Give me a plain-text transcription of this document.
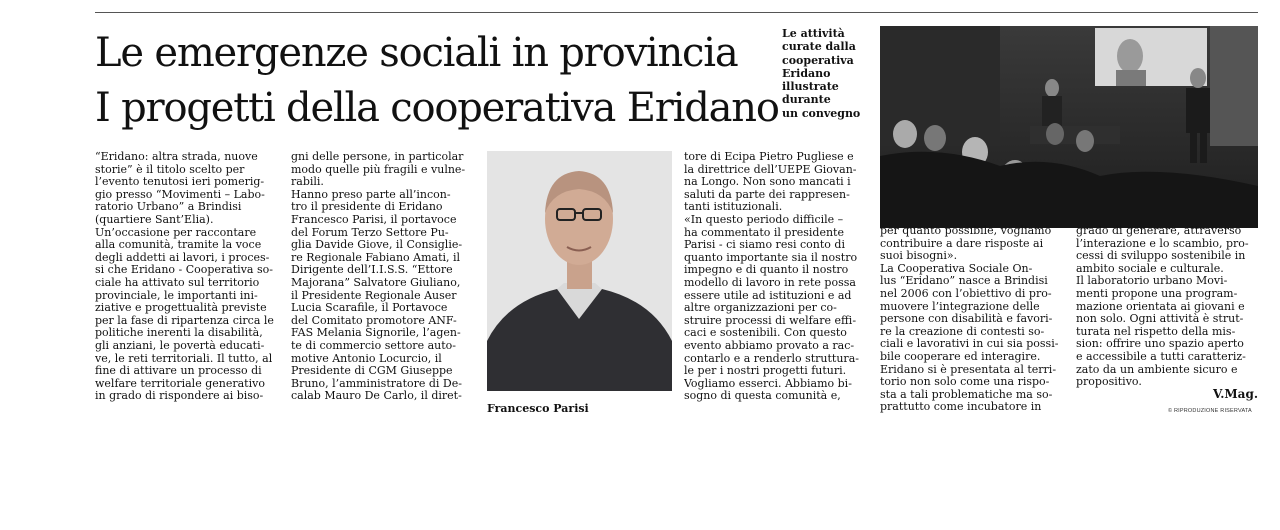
Le emergenze sociali in provincia
I progetti della cooperativa Eridano
Le attività
curate dalla
cooperativa
Eridano
illustrate
durante
un convegno
“Eridano: altra strada, nuove
storie” è il titolo scelto per
l’evento tenutosi ieri pomerig-
gio presso “Movimenti – Labo-
ratorio Urbano” a Brindisi
(quartiere Sant’Elia).
Un’occasione per raccontare
alla comunità, tramite la voce
degli addetti ai lavori, i proces-
si che Eridano - Cooperativa so-
ciale ha attivato sul territorio
provinciale, le importanti ini-
ziative e progettualità previste
per la fase di ripartenza circa le
politiche inerenti la disabilità,
gli anziani, le povertà educati-
ve, le reti territoriali. Il tutto, al
fine di attivare un processo di
welfare territoriale generativo
in grado di rispondere ai biso-
gni delle persone, in particolar
modo quelle più fragili e vulne-
rabili.
Hanno preso parte all’incon-
tro il presidente di Eridano
Francesco Parisi, il portavoce
del Forum Terzo Settore Pu-
glia Davide Giove, il Consiglie-
re Regionale Fabiano Amati, il
Dirigente dell’I.I.S.S. “Ettore
Majorana” Salvatore Giuliano,
il Presidente Regionale Auser
Lucia Scarafile, il Portavoce
del Comitato promotore ANF-
FAS Melania Signorile, l’agen-
te di commercio settore auto-
motive Antonio Locurcio, il
Presidente di CGM Giuseppe
Bruno, l’amministratore di De-
calab Mauro De Carlo, il diret-
Francesco Parisi
tore di Ecipa Pietro Pugliese e
la direttrice dell’UEPE Giovan-
na Longo. Non sono mancati i
saluti da parte dei rappresen-
tanti istituzionali.
«In questo periodo difficile –
ha commentato il presidente
Parisi - ci siamo resi conto di
quanto importante sia il nostro
impegno e di quanto il nostro
modello di lavoro in rete possa
essere utile ad istituzioni e ad
altre organizzazioni per co-
struire processi di welfare effi-
caci e sostenibili. Con questo
evento abbiamo provato a rac-
contarlo e a renderlo struttura-
le per i nostri progetti futuri.
Vogliamo esserci. Abbiamo bi-
sogno di questa comunità e,
per quanto possibile, vogliamo
contribuire a dare risposte ai
suoi bisogni».
La Cooperativa Sociale On-
lus “Eridano” nasce a Brindisi
nel 2006 con l’obiettivo di pro-
muovere l’integrazione delle
persone con disabilità e favori-
re la creazione di contesti so-
ciali e lavorativi in cui sia possi-
bile cooperare ed interagire.
Eridano si è presentata al terri-
torio non solo come una rispo-
sta a tali problematiche ma so-
prattutto come incubatore in
grado di generare, attraverso
l’interazione e lo scambio, pro-
cessi di sviluppo sostenibile in
ambito sociale e culturale.
Il laboratorio urbano Movi-
menti propone una program-
mazione orientata ai giovani e
non solo. Ogni attività è strut-
turata nel rispetto della mis-
sion: offrire uno spazio aperto
e accessibile a tutti caratteriz-
zato da un ambiente sicuro e
propositivo.
V.Mag.
© RIPRODUZIONE RISERVATA
